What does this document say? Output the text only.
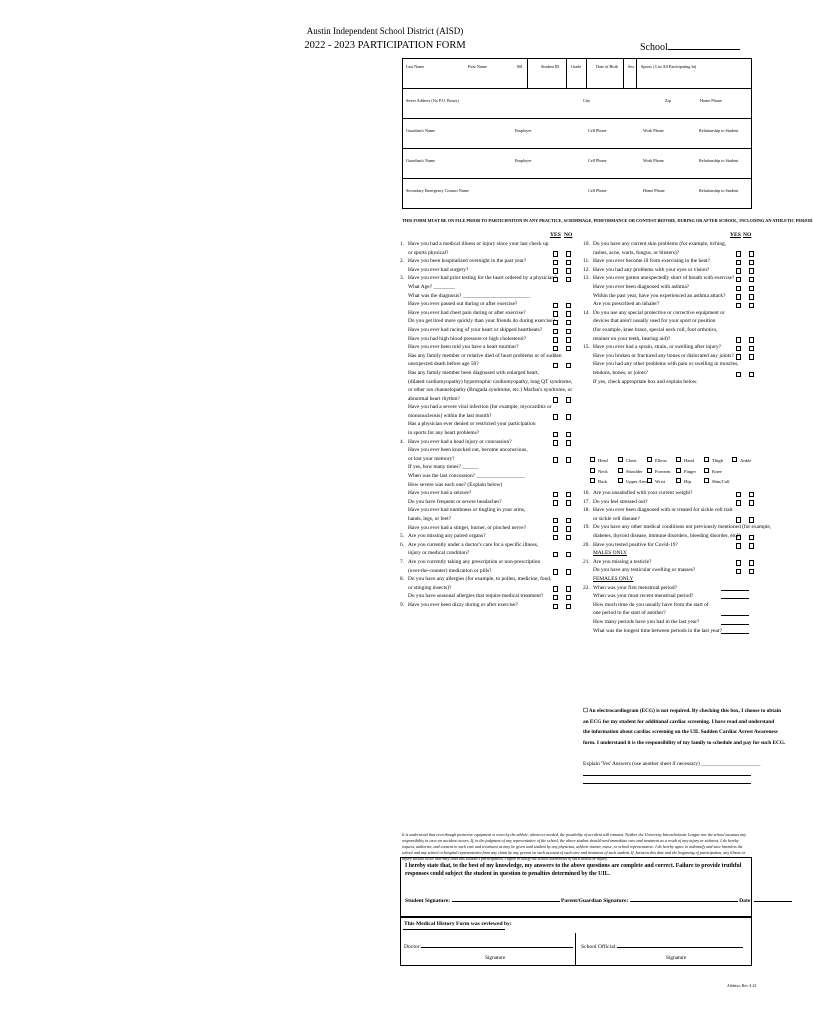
Austin Independent School District (AISD)
2022 - 2023 PARTICIPATION FORM	School
Last Name	First Name	MI	Student ID	Grade	Date of Birth Sex Sports ( List All Participating In)

Street Address (No P.O. Boxes)	City	Zip	Home Phone

Guardian's Name	Employer	Cell Phone	Work Phone	Relationship to Student

Guardian's Name	Employer	Cell Phone	Work Phone	Relationship to Student

Secondary Emergency Contact Name	Cell Phone	Home Phone	Relationship to Student
THIS FORM MUST BE ON FILE PRIOR TO PARTICIPATION IN ANY PRACTICE, SCRIMMAGE, PERFORMANCE OR CONTEST BEFORE, DURING OR AFTER SCHOOL, INCLUDING AN ATHLETIC PERIOD.
YES NO	YES NO
1. Have you had a medical illness or injury since your last check up
or sports physical?
2. Have you been hospitalized overnight in the past year?
Have you ever had surgery?
3. Have you ever had prior testing for the heart ordered by a physician?
What Age? ________
What was the diagnosis? _________________________
Have you ever passed out during or after exercise?
Have you ever had chest pain during or after exercise?
Do you get tired more quickly than your friends do during exercise?
Have you ever had racing of your heart or skipped heartbeats?
Have you had high blood pressure or high cholesterol?
Have you ever been told you have a heart murmur?
Has any family member or relative died of heart problems or of sudden
unexpected death before age 50?
Has any family member been diagnosed with enlarged heart,
(dilated cardiomyopathy) hypertrophic cardiomyopathy, long QT syndrome,
or other ion channelopathy (Brugada syndrome, etc.) Marfan's syndrome, or
abnormal heart rhythm?
Have you had a severe viral infection (for example, myocarditis or
mononucleosis) within the last month?
Has a physician ever denied or restricted your participation
in sports for any heart problems?
4. Have you ever had a head injury or concussion?
Have you ever been knocked out, become unconscious,
or lost your memory?
If yes, how many times? ______
When was the last concussion? __________________
How severe was each one? (Explain below)
Have you ever had a seizure?
Do you have frequent or severe headaches?
Have you ever had numbness or tingling in your arms,
hands, legs, or feet?
Have you ever had a stinger, burner, or pinched nerve?
5. Are you missing any paired organs?
6. Are you currently under a doctor's care for a specific illness,
injury or medical condition?
7. Are you currently taking any prescription or non-prescription
(over-the-counter) medication or pills?
8. Do you have any allergies (for example, to pollen, medicine, food,
or stinging insects)?
Do you have seasonal allergies that require medical treatment?
9. Have you ever been dizzy during or after exercise?
10. Do you have any current skin problems (for example, itching,
rashes, acne, warts, fungus, or blisters)?
11. Have you ever become ill from exercising in the heat?
12. Have you had any problems with your eyes or vision?
13. Have you ever gotten unexpectedly short of breath with exercise?
Have you ever been diagnosed with asthma?
Within the past year, have you experienced an asthma attack?
Are you prescribed an inhaler?
14. Do you use any special protective or corrective equipment or
devices that aren't usually used for your sport or position
(for example, knee brace, special neck roll, foot orthotics,
retainer on your teeth, hearing aid)?
15. Have you ever had a sprain, strain, or swelling after injury?
Have you broken or fractured any bones or dislocated any joints?
Have you had any other problems with pain or swelling in muscles,
tendons, bones, or joints?
If yes, check appropriate box and explain below.
Head	Chest	Elbow	Hand	Thigh	Ankle
Neck	Shoulder	Forearm	Finger	Knee
Back	Upper Arm	Wrist	Hip	Shin/Calf
16. Are you unsatisfied with your current weight?
17. Do you feel stressed out?
18. Have you ever been diagnosed with or treated for sickle cell trait
or sickle cell disease?
19. Do you have any other medical conditions not previously mentioned (for example,
diabetes, thyroid disease, immune disorders, bleeding disorder, etc)?
20. Have you tested positive for Covid-19?
MALES ONLY
21. Are you missing a testicle?
Do you have any testicular swelling or masses?
FEMALES ONLY
22. When was your first menstrual period?
When was your most recent menstrual period?
How much time do you usually have from the start of
one period to the start of another?
How many periods have you had in the last year?
What was the longest time between periods in the last year?
☐ An electrocardiogram (ECG) is not required. By checking this box, I choose to obtain
an ECG for my student for additional cardiac screening. I have read and understand
the information about cardiac screening on the UIL Sudden Cardiac Arrest Awareness
form. I understand it is the responsibility of my family to schedule and pay for such ECG.
Explain 'Yes' Answers (use another sheet if necessary) ______________________
It is understood that even though protective equipment is worn by the athlete, whenever needed, the possibility of accident still remains. Neither the University Interscholastic League nor the school assumes any responsibility in case an accident occurs. If, in the judgment of any representative of the school, the above student should need immediate care and treatment as a result of any injury or sickness, I do hereby request, authorize, and consent to such care and treatment as may be given said student by any physician, athletic trainer, nurse, or school representative. I do hereby agree to indemnify and save harmless the school and any school or hospital representative from any claim by any person on such account of such care and treatment of such student. If, between this date and the beginning of participation, any illness or injury should occur that may limit this student's participation, I agree to notify the school authorities of such illness or injury.
I hereby state that, to the best of my knowledge, my answers to the above questions are complete and correct. Failure to provide truthful responses could subject the student in question to penalties determined by the UIL.
Student Signature:	Parent/Guardian Signature:	Date:
This Medical History Form was reviewed by:
Doctor:	School Official:
Signature	Signature
Athletics Rev. 4-22
